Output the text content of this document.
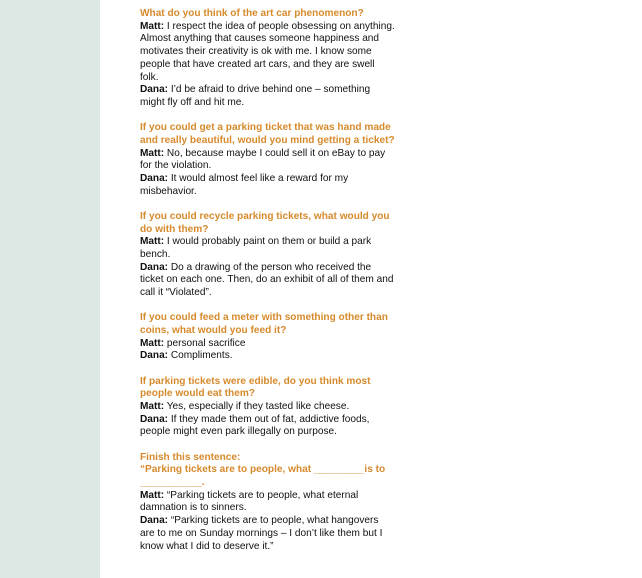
What do you think of the art car phenomenon?

Matt: I respect the idea of people obsessing on anything. Almost anything that causes someone happiness and motivates their creativity is ok with me. I know some people that have created art cars, and they are swell folk.

Dana: I’d be afraid to drive behind one – something might fly off and hit me.

If you could get a parking ticket that was hand made and really beautiful, would you mind getting a ticket?

Matt: No, because maybe I could sell it on eBay to pay for the violation.

Dana: It would almost feel like a reward for my misbehavior.

If you could recycle parking tickets, what would you do with them?

Matt: I would probably paint on them or build a park bench.

Dana: Do a drawing of the person who received the ticket on each one. Then, do an exhibit of all of them and call it “Violated”.

If you could feed a meter with something other than coins, what would you feed it?

Matt: personal sacrifice

Dana: Compliments.

If parking tickets were edible, do you think most people would eat them?

Matt: Yes, especially if they tasted like cheese.

Dana: If they made them out of fat, addictive foods, people might even park illegally on purpose.

Finish this sentence:

“Parking tickets are to people, what _________is to ___________.

Matt: “Parking tickets are to people, what eternal damnation is to sinners.

Dana: “Parking tickets are to people, what hangovers are to me on Sunday mornings – I don’t like them but I know what I did to deserve it.”
